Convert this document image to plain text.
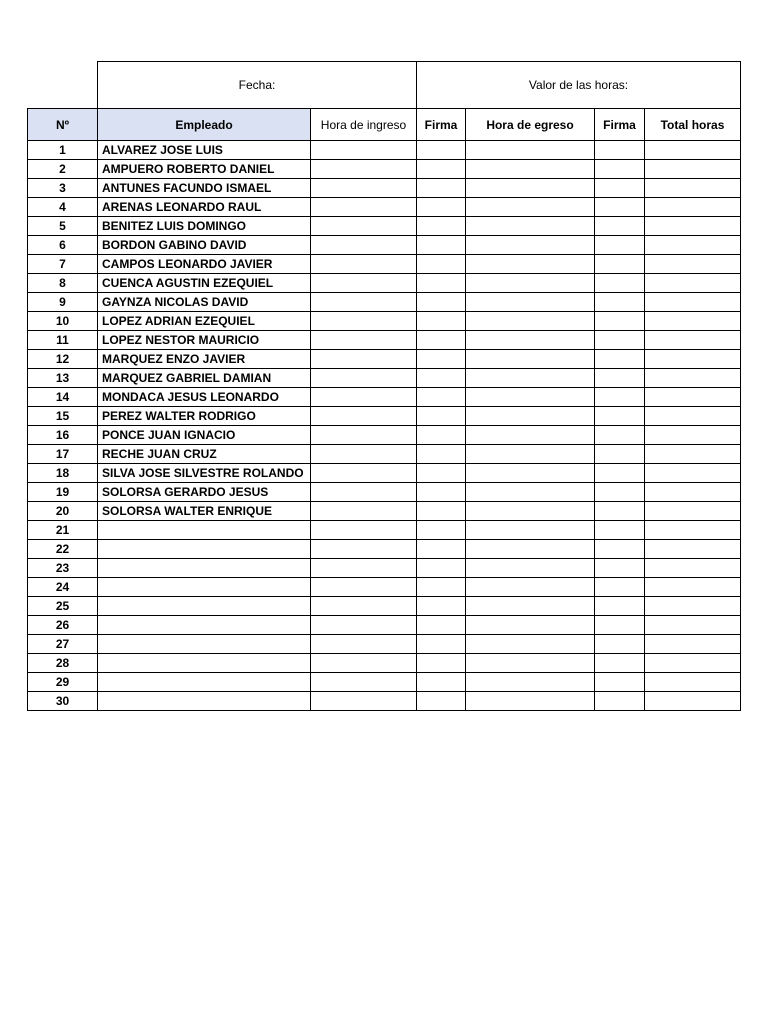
	Fecha:		Valor de las horas:			
Nº	Empleado	Hora de ingreso	Firma	Hora de egreso	Firma	Total horas
1	ALVAREZ JOSE LUIS					
2	AMPUERO ROBERTO DANIEL					
3	ANTUNES FACUNDO ISMAEL					
4	ARENAS LEONARDO RAUL					
5	BENITEZ LUIS DOMINGO					
6	BORDON GABINO DAVID					
7	CAMPOS LEONARDO JAVIER					
8	CUENCA AGUSTIN EZEQUIEL					
9	GAYNZA NICOLAS DAVID					
10	LOPEZ ADRIAN EZEQUIEL					
11	LOPEZ NESTOR MAURICIO					
12	MARQUEZ ENZO JAVIER					
13	MARQUEZ GABRIEL DAMIAN					
14	MONDACA JESUS LEONARDO					
15	PEREZ WALTER RODRIGO					
16	PONCE JUAN IGNACIO					
17	RECHE JUAN CRUZ					
18	SILVA JOSE SILVESTRE ROLANDO					
19	SOLORSA GERARDO JESUS					
20	SOLORSA WALTER ENRIQUE					
21						
22						
23						
24						
25						
26						
27						
28						
29						
30						
